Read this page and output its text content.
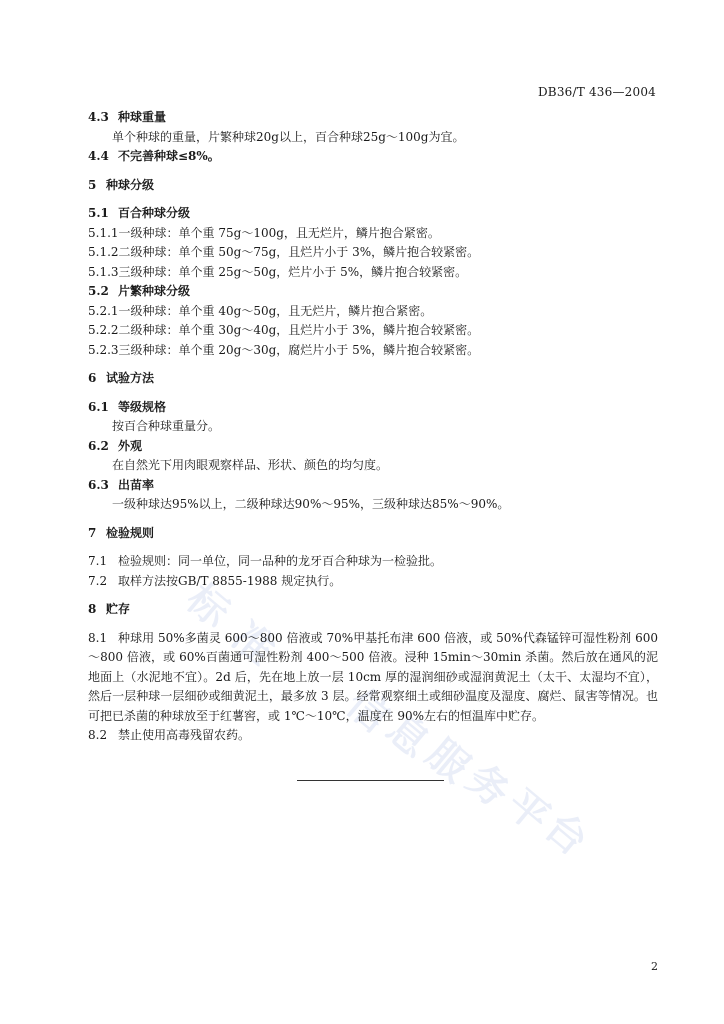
DB36/T 436—2004
标
准
信
息
服
务
平
台
4.3 种球重量
单个种球的重量，片繁种球20g以上，百合种球25g～100g为宜。
4.4 不完善种球≤8%。
5 种球分级
5.1 百合种球分级
5.1.1一级种球：单个重 75g～100g，且无烂片，鳞片抱合紧密。
5.1.2二级种球：单个重 50g～75g，且烂片小于 3%，鳞片抱合较紧密。
5.1.3三级种球：单个重 25g～50g，烂片小于 5%，鳞片抱合较紧密。
5.2 片繁种球分级
5.2.1一级种球：单个重 40g～50g，且无烂片，鳞片抱合紧密。
5.2.2二级种球：单个重 30g～40g，且烂片小于 3%，鳞片抱合较紧密。
5.2.3三级种球：单个重 20g～30g，腐烂片小于 5%，鳞片抱合较紧密。
6 试验方法
6.1 等级规格
按百合种球重量分。
6.2 外观
在自然光下用肉眼观察样品、形状、颜色的均匀度。
6.3 出苗率
一级种球达95%以上，二级种球达90%～95%，三级种球达85%～90%。
7 检验规则
7.1 检验规则：同一单位，同一品种的龙牙百合种球为一检验批。
7.2 取样方法按GB/T 8855-1988 规定执行。
8 贮存
8.1 种球用 50%多菌灵 600～800 倍液或 70%甲基托布津 600 倍液，或 50%代森锰锌可湿性粉剂 600～800 倍液，或 60%百菌通可湿性粉剂 400～500 倍液。浸种 15min～30min 杀菌。然后放在通风的泥地面上（水泥地不宜）。2d 后，先在地上放一层 10cm 厚的湿润细砂或湿润黄泥土（太干、太湿均不宜），然后一层种球一层细砂或细黄泥土，最多放 3 层。经常观察细土或细砂温度及湿度、腐烂、鼠害等情况。也可把已杀菌的种球放至于红薯窖，或 1℃～10℃，温度在 90%左右的恒温库中贮存。
8.2 禁止使用高毒残留农药。
2
